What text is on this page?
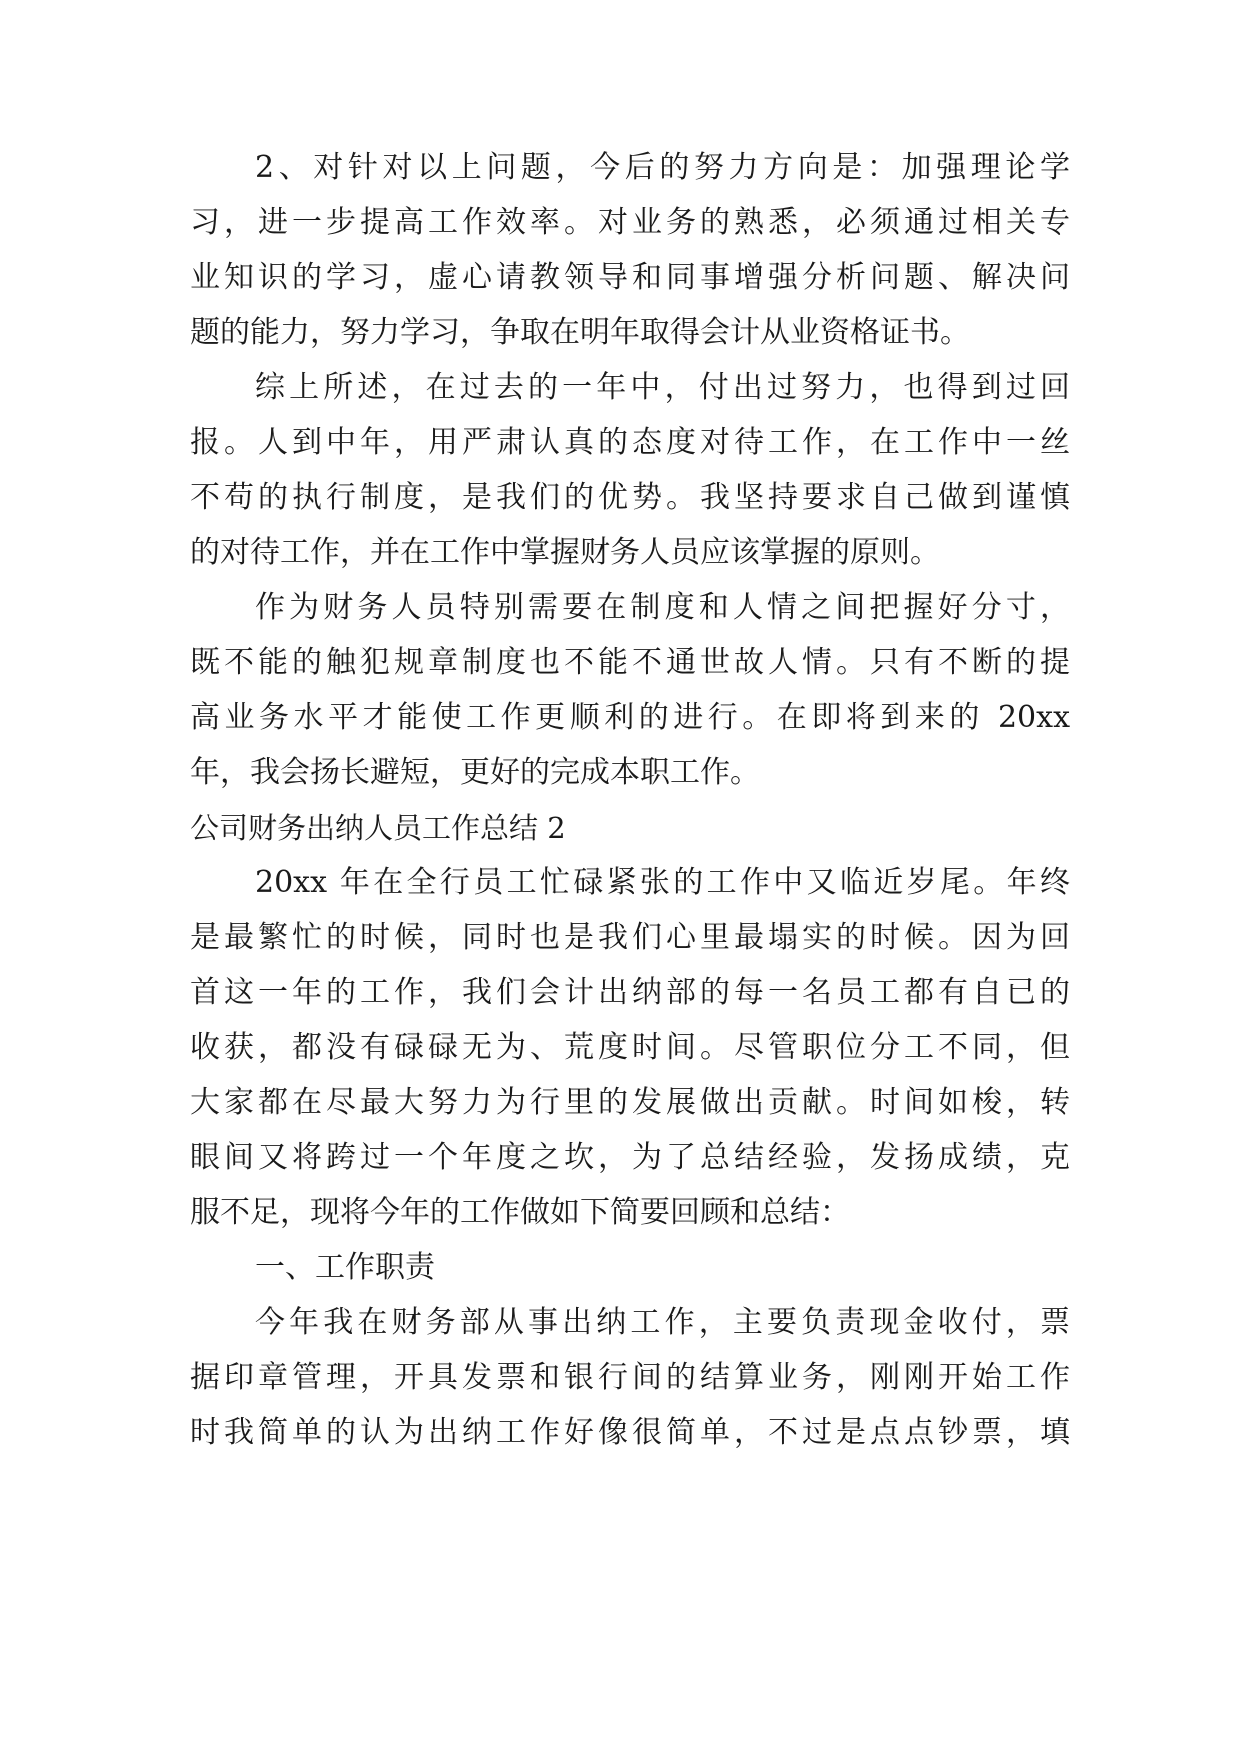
2、对针对以上问题，今后的努力方向是：加强理论学
习，进一步提高工作效率。对业务的熟悉，必须通过相关专
业知识的学习，虚心请教领导和同事增强分析问题、解决问
题的能力，努力学习，争取在明年取得会计从业资格证书。
综上所述，在过去的一年中，付出过努力，也得到过回
报。人到中年，用严肃认真的态度对待工作，在工作中一丝
不苟的执行制度，是我们的优势。我坚持要求自己做到谨慎
的对待工作，并在工作中掌握财务人员应该掌握的原则。
作为财务人员特别需要在制度和人情之间把握好分寸，
既不能的触犯规章制度也不能不通世故人情。只有不断的提
高业务水平才能使工作更顺利的进行。在即将到来的 20xx
年，我会扬长避短，更好的完成本职工作。
公司财务出纳人员工作总结 2
20xx 年在全行员工忙碌紧张的工作中又临近岁尾。年终
是最繁忙的时候，同时也是我们心里最塌实的时候。因为回
首这一年的工作，我们会计出纳部的每一名员工都有自已的
收获，都没有碌碌无为、荒度时间。尽管职位分工不同，但
大家都在尽最大努力为行里的发展做出贡献。时间如梭，转
眼间又将跨过一个年度之坎，为了总结经验，发扬成绩，克
服不足，现将今年的工作做如下简要回顾和总结：
一、工作职责
今年我在财务部从事出纳工作，主要负责现金收付，票
据印章管理，开具发票和银行间的结算业务，刚刚开始工作
时我简单的认为出纳工作好像很简单，不过是点点钞票，填
